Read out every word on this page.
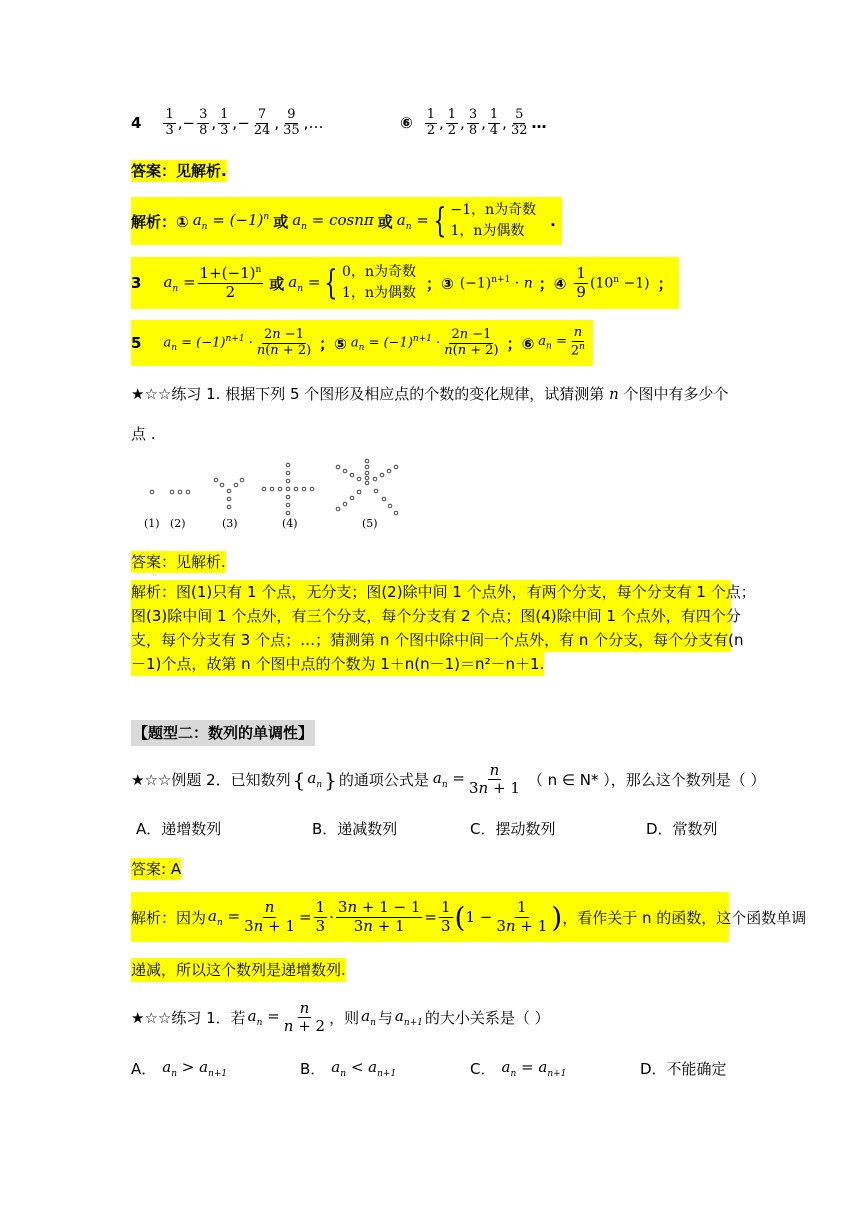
$4 \frac{1}{3}$ , − $\frac{3}{8}$ , $\frac{1}{3}$ , − $\frac{7}{24}$ , $\frac{9}{35}$ , …	⑥ $\frac{1}{2}$ , $\frac{1}{2}$ , $\frac{3}{8}$ , $\frac{1}{4}$ , $\frac{5}{32}$ …
答案：见解析.
解析：① $a_n = (-1)^n$ 或 $a_n = \cos n\pi$ 或 $a_n$ = { −1，n为奇数
1，n为偶数
.
3 $a_n = \frac{1+(-1)^n}{2}$ 或 $a_n$ = { 0，n为奇数
1，n为偶数
；③ $(-1)^{n+1} \cdot n$ ；④ $\frac{1}{9} (10^n -1)$ ；
5 $a_n = (-1)^{n+1} \cdot \frac{2n -1}{n(n + 2)}$ ；⑤ $a_n = (-1)^{n+1} \cdot \frac{2n -1}{n(n + 2)}$ ；⑥ $a_n = \frac{n}{2^n}$
★☆☆练习 1. 根据下列 5 个图形及相应点的个数的变化规律，试猜测第 n 个图中有多少个
点 .
(1) (2)	(3)	(4)	(5)
答案：见解析.
解析：图(1)只有 1 个点，无分支；图(2)除中间 1 个点外，有两个分支，每个分支有 1 个点；
图(3)除中间 1 个点外，有三个分支，每个分支有 2 个点；图(4)除中间 1 个点外，有四个分
支，每个分支有 3 个点；…；猜测第 n 个图中除中间一个点外，有 n 个分支，每个分支有(n
－1)个点，故第 n 个图中点的个数为 1＋n(n－1)＝n²－n＋1.
【题型二：数列的单调性】
★☆☆例题 2．已知数列 { $a_n$ } 的通项公式是 $a_n = \frac{n}{3n + 1}$ （ n ∈ N* ），那么这个数列是（ ）
A．递增数列	B．递减数列	C．摆动数列	D．常数列
答案: A
解析：因为 $a_n = \frac{n}{3n + 1} = \frac{1}{3} \cdot \frac{3n + 1 - 1}{3n + 1} = \frac{1}{3}$ ( $1 - \frac{1}{3n + 1}$ ) ，看作关于 n 的函数，这个函数单调
递减，所以这个数列是递增数列.
★☆☆练习 1．若 $a_n = \frac{n}{n + 2}$ ，则 $a_n$ 与 $a_{n+1}$ 的大小关系是（ ）
A． $a_n > a_{n+1}$	B． $a_n < a_{n+1}$	C． $a_n = a_{n+1}$	D．不能确定
